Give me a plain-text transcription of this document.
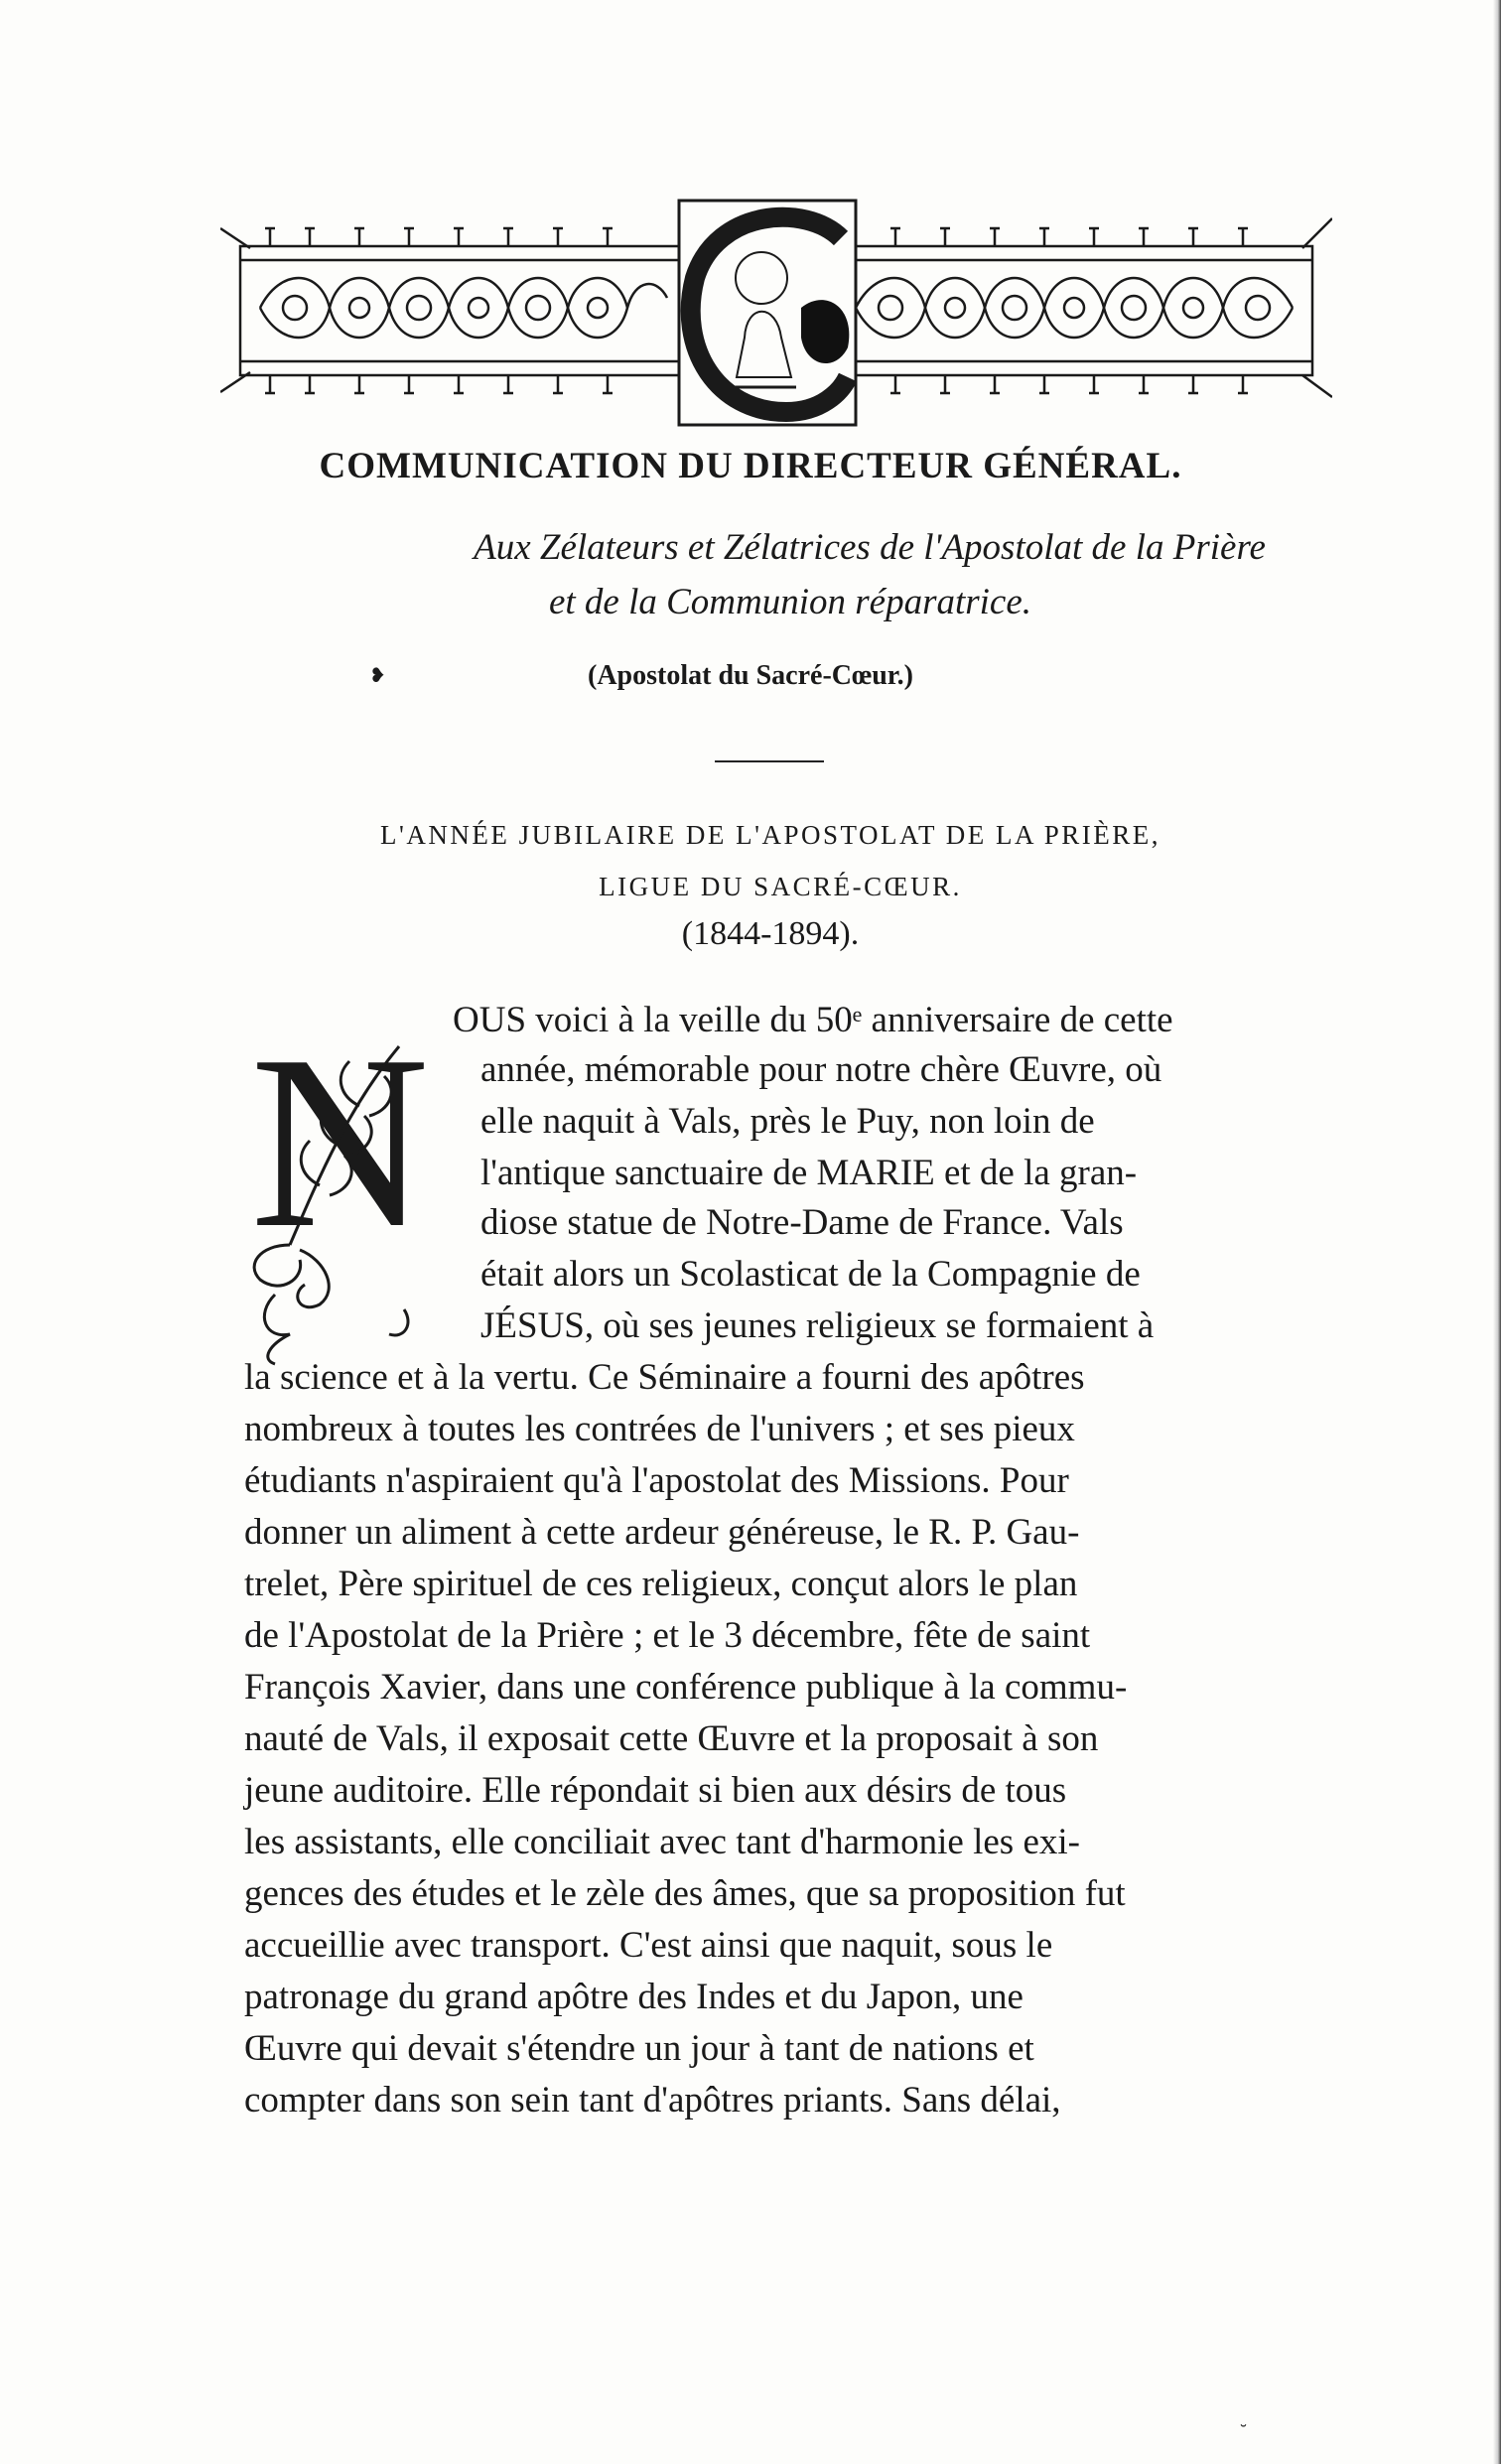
COMMUNICATION DU DIRECTEUR GÉNÉRAL.
Aux Zélateurs et Zélatrices de l'Apostolat de la Prière
et de la Communion réparatrice.
❥	(Apostolat du Sacré-Cœur.)
L'ANNÉE JUBILAIRE DE L'APOSTOLAT DE LA PRIÈRE,
LIGUE DU SACRÉ-CŒUR.
(1844-1894).
N OUS voici à la veille du 50ᵉ anniversaire de cette
année, mémorable pour notre chère Œuvre, où
elle naquit à Vals, près le Puy, non loin de
l'antique sanctuaire de MARIE et de la gran-
diose statue de Notre-Dame de France. Vals
était alors un Scolasticat de la Compagnie de
JÉSUS, où ses jeunes religieux se formaient à
la science et à la vertu. Ce Séminaire a fourni des apôtres
nombreux à toutes les contrées de l'univers ; et ses pieux
étudiants n'aspiraient qu'à l'apostolat des Missions. Pour
donner un aliment à cette ardeur généreuse, le R. P. Gau-
trelet, Père spirituel de ces religieux, conçut alors le plan
de l'Apostolat de la Prière ; et le 3 décembre, fête de saint
François Xavier, dans une conférence publique à la commu-
nauté de Vals, il exposait cette Œuvre et la proposait à son
jeune auditoire. Elle répondait si bien aux désirs de tous
les assistants, elle conciliait avec tant d'harmonie les exi-
gences des études et le zèle des âmes, que sa proposition fut
accueillie avec transport. C'est ainsi que naquit, sous le
patronage du grand apôtre des Indes et du Japon, une
Œuvre qui devait s'étendre un jour à tant de nations et
compter dans son sein tant d'apôtres priants. Sans délai,
˘
